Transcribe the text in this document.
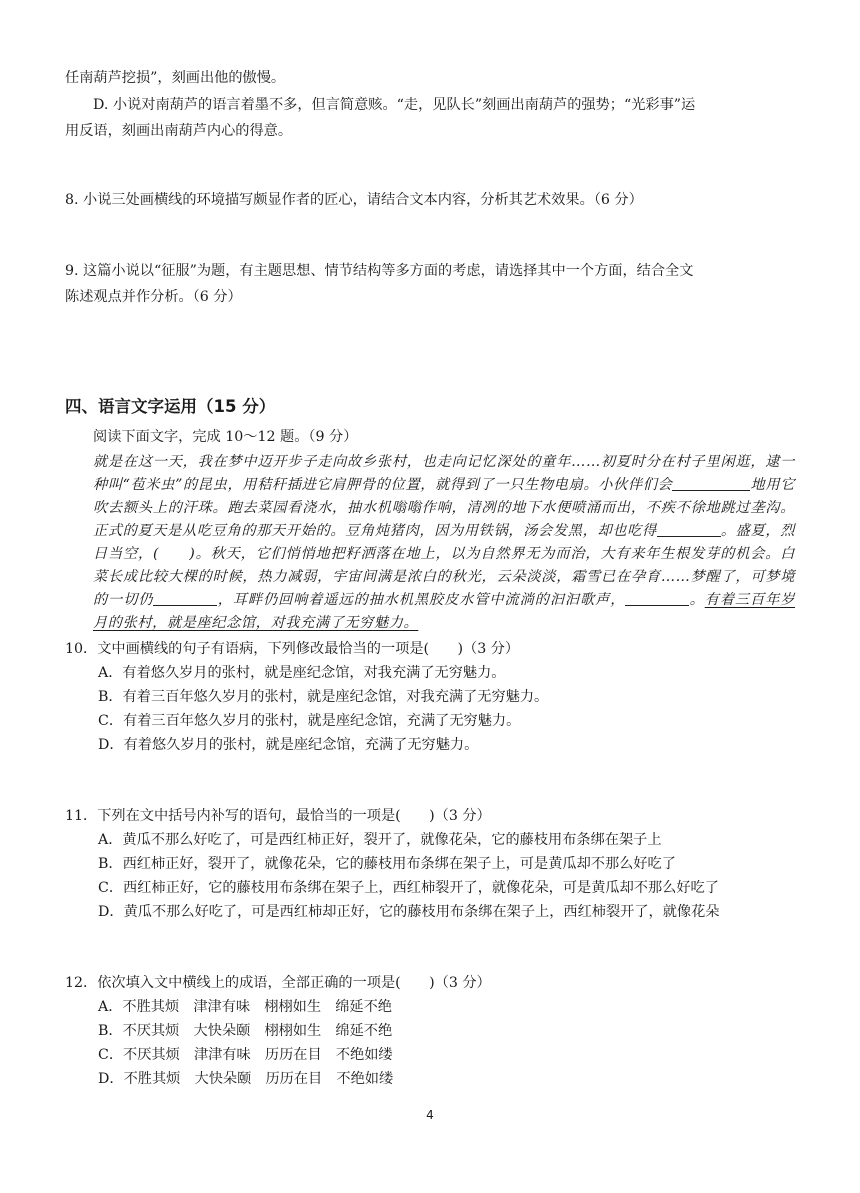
任南葫芦挖损”，刻画出他的傲慢。
D. 小说对南葫芦的语言着墨不多，但言简意赅。“走，见队长”刻画出南葫芦的强势；“光彩事”运
用反语，刻画出南葫芦内心的得意。
8. 小说三处画横线的环境描写颇显作者的匠心，请结合文本内容，分析其艺术效果。（6 分）
9. 这篇小说以“征服”为题，有主题思想、情节结构等多方面的考虑，请选择其中一个方面，结合全文
陈述观点并作分析。（6 分）
四、语言文字运用（15 分）
阅读下面文字，完成 10～12 题。（9 分）
就是在这一天，我在梦中迈开步子走向故乡张村，也走向记忆深处的童年……初夏时分在村子里闲逛，逮一种叫“苞米虫”的昆虫，用秸秆插进它肩胛骨的位置，就得到了一只生物电扇。小伙伴们会	地用它吹去额头上的汗珠。跑去菜园看浇水，抽水机嗡嗡作响，清冽的地下水便喷涌而出，不疾不徐地跳过垄沟。正式的夏天是从吃豆角的那天开始的。豆角炖猪肉，因为用铁锅，汤会发黑，却也吃得	。盛夏，烈日当空，(　　)。秋天，它们悄悄地把籽洒落在地上，以为自然界无为而治，大有来年生根发芽的机会。白菜长成比较大棵的时候，热力减弱，宇宙间满是浓白的秋光，云朵淡淡，霜雪已在孕育……梦醒了，可梦境的一切仍	，耳畔仍回响着遥远的抽水机黑胶皮水管中流淌的汩汩歌声，	。有着三百年岁月的张村，就是座纪念馆，对我充满了无穷魅力。
10．文中画横线的句子有语病，下列修改最恰当的一项是(　　)（3 分）
A．有着悠久岁月的张村，就是座纪念馆，对我充满了无穷魅力。
B．有着三百年悠久岁月的张村，就是座纪念馆，对我充满了无穷魅力。
C．有着三百年悠久岁月的张村，就是座纪念馆，充满了无穷魅力。
D．有着悠久岁月的张村，就是座纪念馆，充满了无穷魅力。
11．下列在文中括号内补写的语句，最恰当的一项是(　　)（3 分）
A．黄瓜不那么好吃了，可是西红柿正好，裂开了，就像花朵，它的藤枝用布条绑在架子上
B．西红柿正好，裂开了，就像花朵，它的藤枝用布条绑在架子上，可是黄瓜却不那么好吃了
C．西红柿正好，它的藤枝用布条绑在架子上，西红柿裂开了，就像花朵，可是黄瓜却不那么好吃了
D．黄瓜不那么好吃了，可是西红柿却正好，它的藤枝用布条绑在架子上，西红柿裂开了，就像花朵
12．依次填入文中横线上的成语，全部正确的一项是(　　)（3 分）
A．不胜其烦　津津有味　栩栩如生　绵延不绝
B．不厌其烦　大快朵颐　栩栩如生　绵延不绝
C．不厌其烦　津津有味　历历在目　不绝如缕
D．不胜其烦　大快朵颐　历历在目　不绝如缕
4
